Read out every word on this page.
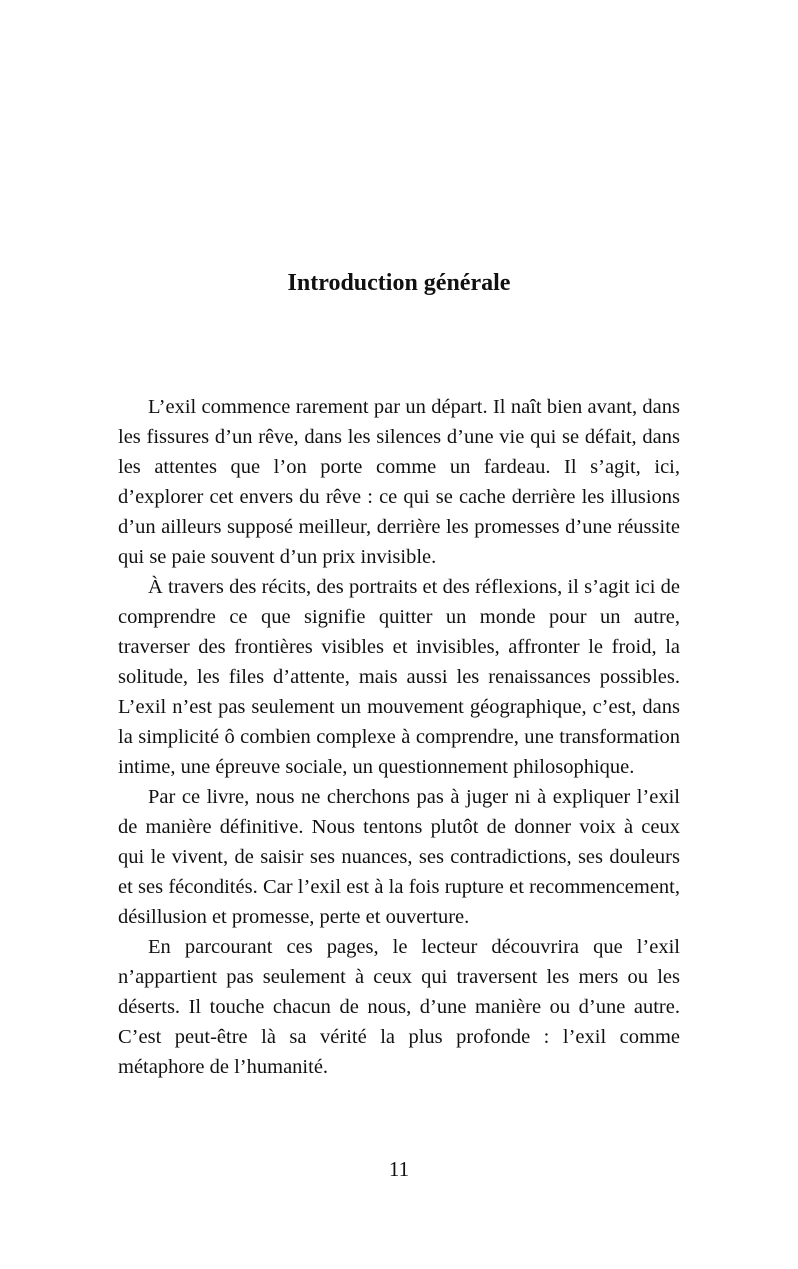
Introduction générale

L’exil commence rarement par un départ. Il naît bien avant, dans les fissures d’un rêve, dans les silences d’une vie qui se défait, dans les attentes que l’on porte comme un fardeau. Il s’agit, ici, d’explorer cet envers du rêve : ce qui se cache derrière les illusions d’un ailleurs supposé meilleur, derrière les promesses d’une réussite qui se paie souvent d’un prix invisible.

À travers des récits, des portraits et des réflexions, il s’agit ici de comprendre ce que signifie quitter un monde pour un autre, traverser des frontières visibles et invisibles, affronter le froid, la solitude, les files d’attente, mais aussi les renaissances possibles. L’exil n’est pas seulement un mouvement géographique, c’est, dans la simplicité ô combien complexe à comprendre, une transformation intime, une épreuve sociale, un questionnement philosophique.

Par ce livre, nous ne cherchons pas à juger ni à expliquer l’exil de manière définitive. Nous tentons plutôt de donner voix à ceux qui le vivent, de saisir ses nuances, ses contradictions, ses douleurs et ses fécondités. Car l’exil est à la fois rupture et recommencement, désillusion et promesse, perte et ouverture.

En parcourant ces pages, le lecteur découvrira que l’exil n’appartient pas seulement à ceux qui traversent les mers ou les déserts. Il touche chacun de nous, d’une manière ou d’une autre. C’est peut-être là sa vérité la plus profonde : l’exil comme métaphore de l’humanité.

11
